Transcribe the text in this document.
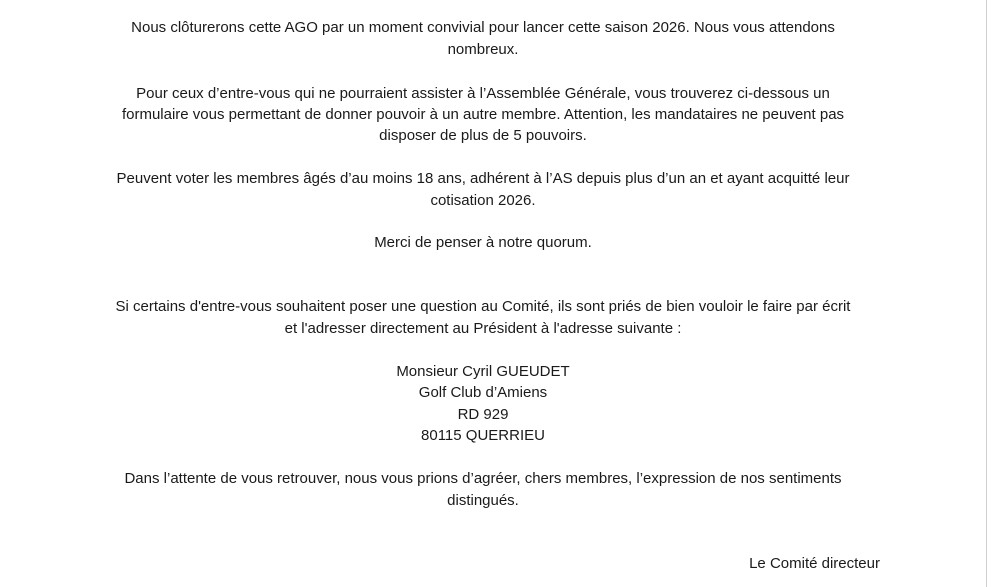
Nous clôturerons cette AGO par un moment convivial pour lancer cette saison 2026. Nous vous attendons
nombreux.
Pour ceux d’entre-vous qui ne pourraient assister à l’Assemblée Générale, vous trouverez ci-dessous un
formulaire vous permettant de donner pouvoir à un autre membre. Attention, les mandataires ne peuvent pas
disposer de plus de 5 pouvoirs.
Peuvent voter les membres âgés d’au moins 18 ans, adhérent à l’AS depuis plus d’un an et ayant acquitté leur
cotisation 2026.
Merci de penser à notre quorum.
Si certains d'entre-vous souhaitent poser une question au Comité, ils sont priés de bien vouloir le faire par écrit
et l'adresser directement au Président à l'adresse suivante :
Monsieur Cyril GUEUDET
Golf Club d’Amiens
RD 929
80115 QUERRIEU
Dans l’attente de vous retrouver, nous vous prions d’agréer, chers membres, l’expression de nos sentiments
distingués.
Le Comité directeur
